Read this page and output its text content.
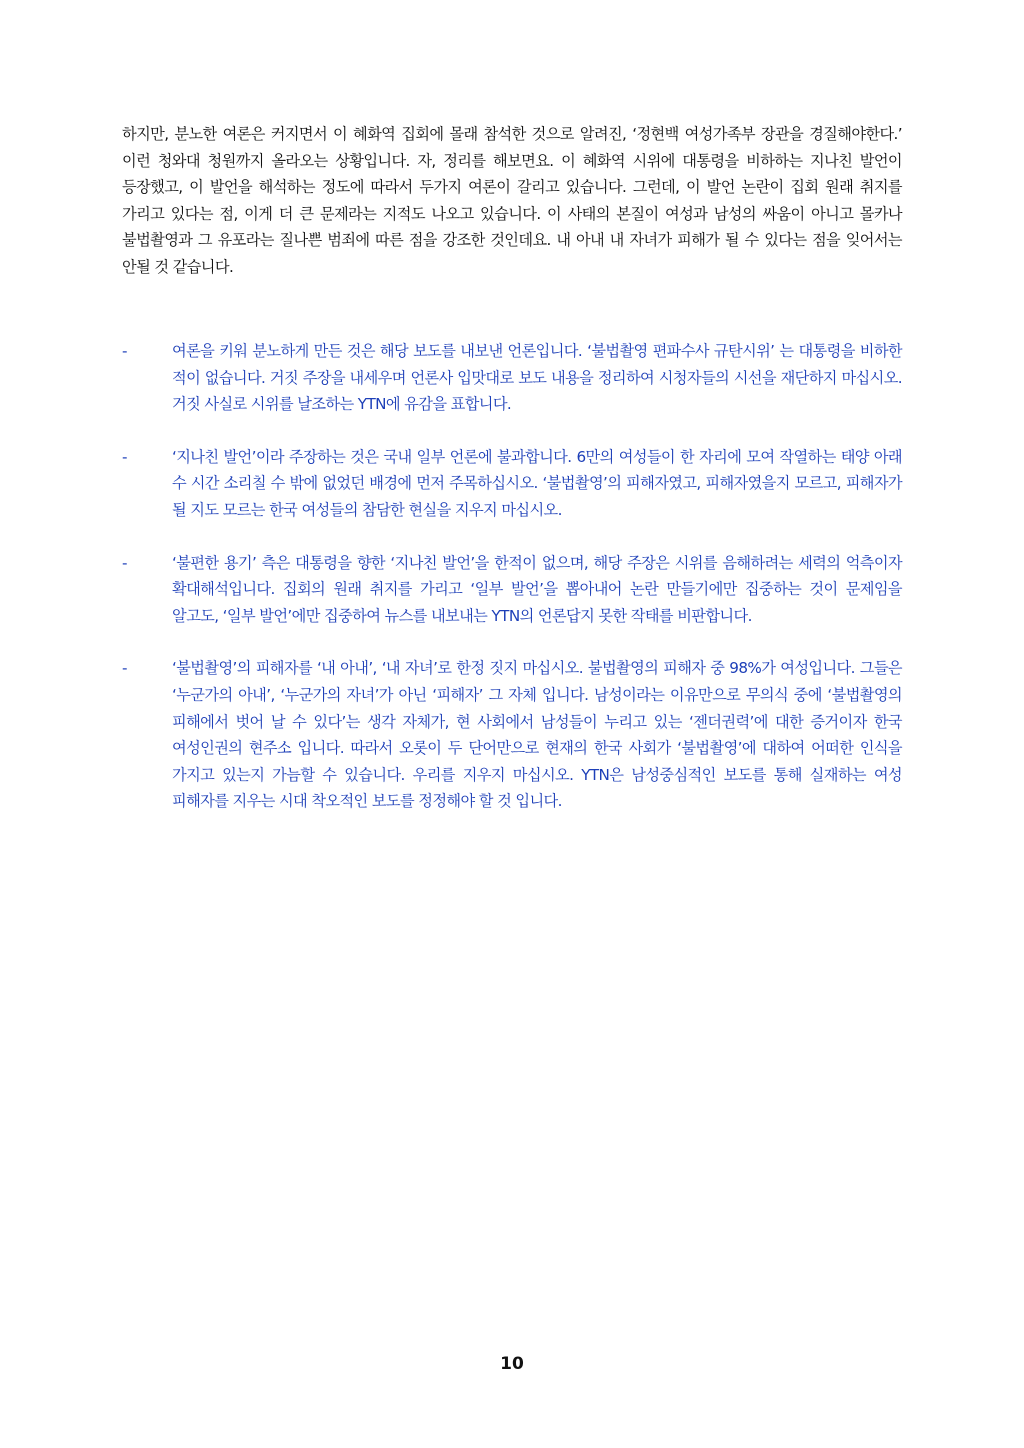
하지만, 분노한 여론은 커지면서 이 혜화역 집회에 몰래 참석한 것으로 알려진, ‘정현백 여성가족부 장관을 경질해야한다.’ 이런 청와대 청원까지 올라오는 상황입니다. 자, 정리를 해보면요. 이 혜화역 시위에 대통령을 비하하는 지나친 발언이 등장했고, 이 발언을 해석하는 정도에 따라서 두가지 여론이 갈리고 있습니다. 그런데, 이 발언 논란이 집회 원래 취지를 가리고 있다는 점, 이게 더 큰 문제라는 지적도 나오고 있습니다. 이 사태의 본질이 여성과 남성의 싸움이 아니고 몰카나 불법촬영과 그 유포라는 질나쁜 범죄에 따른 점을 강조한 것인데요. 내 아내 내 자녀가 피해가 될 수 있다는 점을 잊어서는 안될 것 같습니다.

-	여론을 키워 분노하게 만든 것은 해당 보도를 내보낸 언론입니다. ‘불법촬영 편파수사 규탄시위’ 는 대통령을 비하한 적이 없습니다. 거짓 주장을 내세우며 언론사 입맛대로 보도 내용을 정리하여 시청자들의 시선을 재단하지 마십시오. 거짓 사실로 시위를 날조하는 YTN에 유감을 표합니다.

-	‘지나친 발언’이라 주장하는 것은 국내 일부 언론에 불과합니다. 6만의 여성들이 한 자리에 모여 작열하는 태양 아래 수 시간 소리칠 수 밖에 없었던 배경에 먼저 주목하십시오. ‘불법촬영’의 피해자였고, 피해자였을지 모르고, 피해자가 될 지도 모르는 한국 여성들의 참담한 현실을 지우지 마십시오.

-	‘불편한 용기’ 측은 대통령을 향한 ‘지나친 발언’을 한적이 없으며, 해당 주장은 시위를 음해하려는 세력의 억측이자 확대해석입니다. 집회의 원래 취지를 가리고 ‘일부 발언’을 뽑아내어 논란 만들기에만 집중하는 것이 문제임을 알고도, ‘일부 발언’에만 집중하여 뉴스를 내보내는 YTN의 언론답지 못한 작태를 비판합니다.

-	‘불법촬영’의 피해자를 ‘내 아내’, ‘내 자녀’로 한정 짓지 마십시오. 불법촬영의 피해자 중 98%가 여성입니다. 그들은 ‘누군가의 아내’, ‘누군가의 자녀’가 아닌 ‘피해자’ 그 자체 입니다. 남성이라는 이유만으로 무의식 중에 ‘불법촬영의 피해에서 벗어 날 수 있다’는 생각 자체가, 현 사회에서 남성들이 누리고 있는 ‘젠더권력’에 대한 증거이자 한국 여성인권의 현주소 입니다. 따라서 오롯이 두 단어만으로 현재의 한국 사회가 ‘불법촬영’에 대하여 어떠한 인식을 가지고 있는지 가늠할 수 있습니다. 우리를 지우지 마십시오. YTN은 남성중심적인 보도를 통해 실재하는 여성 피해자를 지우는 시대 착오적인 보도를 정정해야 할 것 입니다.

10
